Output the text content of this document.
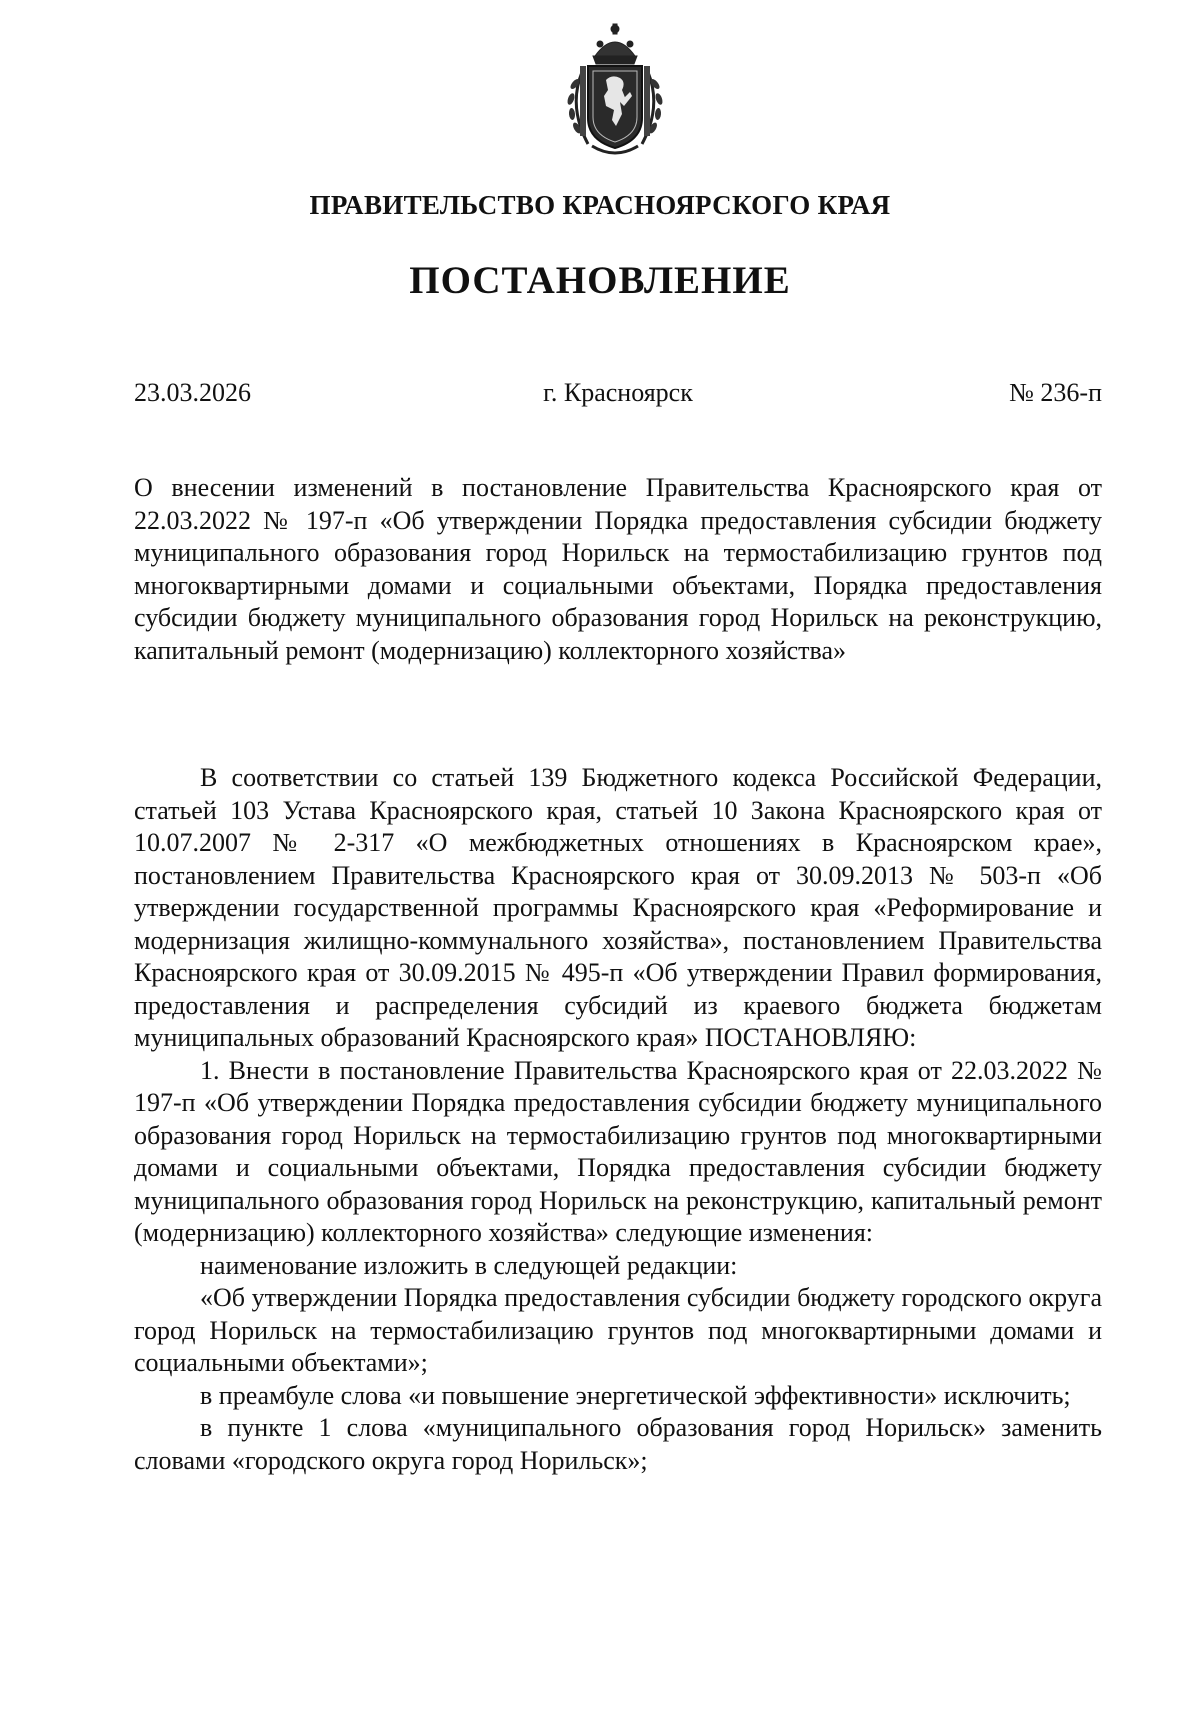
ПРАВИТЕЛЬСТВО КРАСНОЯРСКОГО КРАЯ
ПОСТАНОВЛЕНИЕ
г. Красноярск
23.03.2026	№ 236-п

О внесении изменений в постановление Правительства Красноярского края от 22.03.2022 № 197-п «Об утверждении Порядка предоставления субсидии бюджету муниципального образования город Норильск на термостабилизацию грунтов под многоквартирными домами и социальными объектами, Порядка предоставления субсидии бюджету муниципального образования город Норильск на реконструкцию, капитальный ремонт (модернизацию) коллекторного хозяйства»

В соответствии со статьей 139 Бюджетного кодекса Российской Федерации, статьей 103 Устава Красноярского края, статьей 10 Закона Красноярского края от 10.07.2007 № 2-317 «О межбюджетных отношениях в Красноярском крае», постановлением Правительства Красноярского края от 30.09.2013 № 503-п «Об утверждении государственной программы Красноярского края «Реформирование и модернизация жилищно-коммунального хозяйства», постановлением Правительства Красноярского края от 30.09.2015 № 495-п «Об утверждении Правил формирования, предоставления и распределения субсидий из краевого бюджета бюджетам муниципальных образований Красноярского края» ПОСТАНОВЛЯЮ:

1. Внести в постановление Правительства Красноярского края от 22.03.2022 № 197-п «Об утверждении Порядка предоставления субсидии бюджету муниципального образования город Норильск на термостабилизацию грунтов под многоквартирными домами и социальными объектами, Порядка предоставления субсидии бюджету муниципального образования город Норильск на реконструкцию, капитальный ремонт (модернизацию) коллекторного хозяйства» следующие изменения:

наименование изложить в следующей редакции:

«Об утверждении Порядка предоставления субсидии бюджету городского округа город Норильск на термостабилизацию грунтов под многоквартирными домами и социальными объектами»;

в преамбуле слова «и повышение энергетической эффективности» исключить;

в пункте 1 слова «муниципального образования город Норильск» заменить словами «городского округа город Норильск»;
